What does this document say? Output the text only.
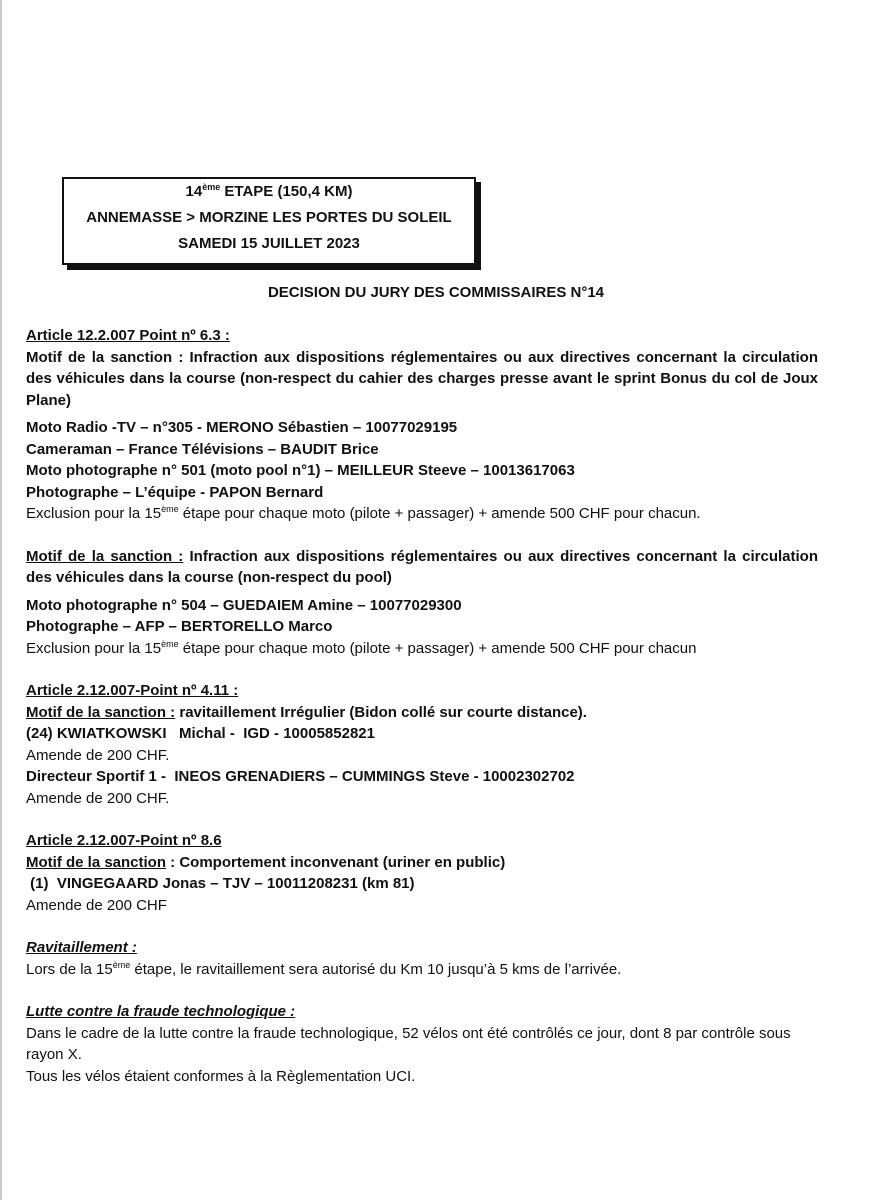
14ème ETAPE (150,4 KM)
ANNEMASSE > MORZINE LES PORTES DU SOLEIL
SAMEDI 15 JUILLET 2023
DECISION DU JURY DES COMMISSAIRES N°14

Article 12.2.007 Point nº 6.3 :

Motif de la sanction : Infraction aux dispositions réglementaires ou aux directives concernant la circulation des véhicules dans la course (non-respect du cahier des charges presse avant le sprint Bonus du col de Joux Plane)

Moto Radio -TV – n°305 - MERONO Sébastien – 10077029195

Cameraman – France Télévisions – BAUDIT Brice

Moto photographe n° 501 (moto pool n°1) – MEILLEUR Steeve – 10013617063

Photographe – L’équipe - PAPON Bernard

Exclusion pour la 15ème étape pour chaque moto (pilote + passager) + amende 500 CHF pour chacun.

Motif de la sanction : Infraction aux dispositions réglementaires ou aux directives concernant la circulation des véhicules dans la course (non-respect du pool)

Moto photographe n° 504 – GUEDAIEM Amine – 10077029300

Photographe – AFP – BERTORELLO Marco

Exclusion pour la 15ème étape pour chaque moto (pilote + passager) + amende 500 CHF pour chacun

Article 2.12.007-Point nº 4.11 :

Motif de la sanction : ravitaillement Irrégulier (Bidon collé sur courte distance).

(24) KWIATKOWSKI   Michal -  IGD - 10005852821

Amende de 200 CHF.

Directeur Sportif 1 -  INEOS GRENADIERS – CUMMINGS Steve - 10002302702

Amende de 200 CHF.

Article 2.12.007-Point nº 8.6

Motif de la sanction : Comportement inconvenant (uriner en public)

(1)  VINGEGAARD Jonas – TJV – 10011208231 (km 81)

Amende de 200 CHF

Ravitaillement :

Lors de la 15ème étape, le ravitaillement sera autorisé du Km 10 jusqu’à 5 kms de l’arrivée.

Lutte contre la fraude technologique :

Dans le cadre de la lutte contre la fraude technologique, 52 vélos ont été contrôlés ce jour, dont 8 par contrôle sous rayon X.

Tous les vélos étaient conformes à la Règlementation UCI.
